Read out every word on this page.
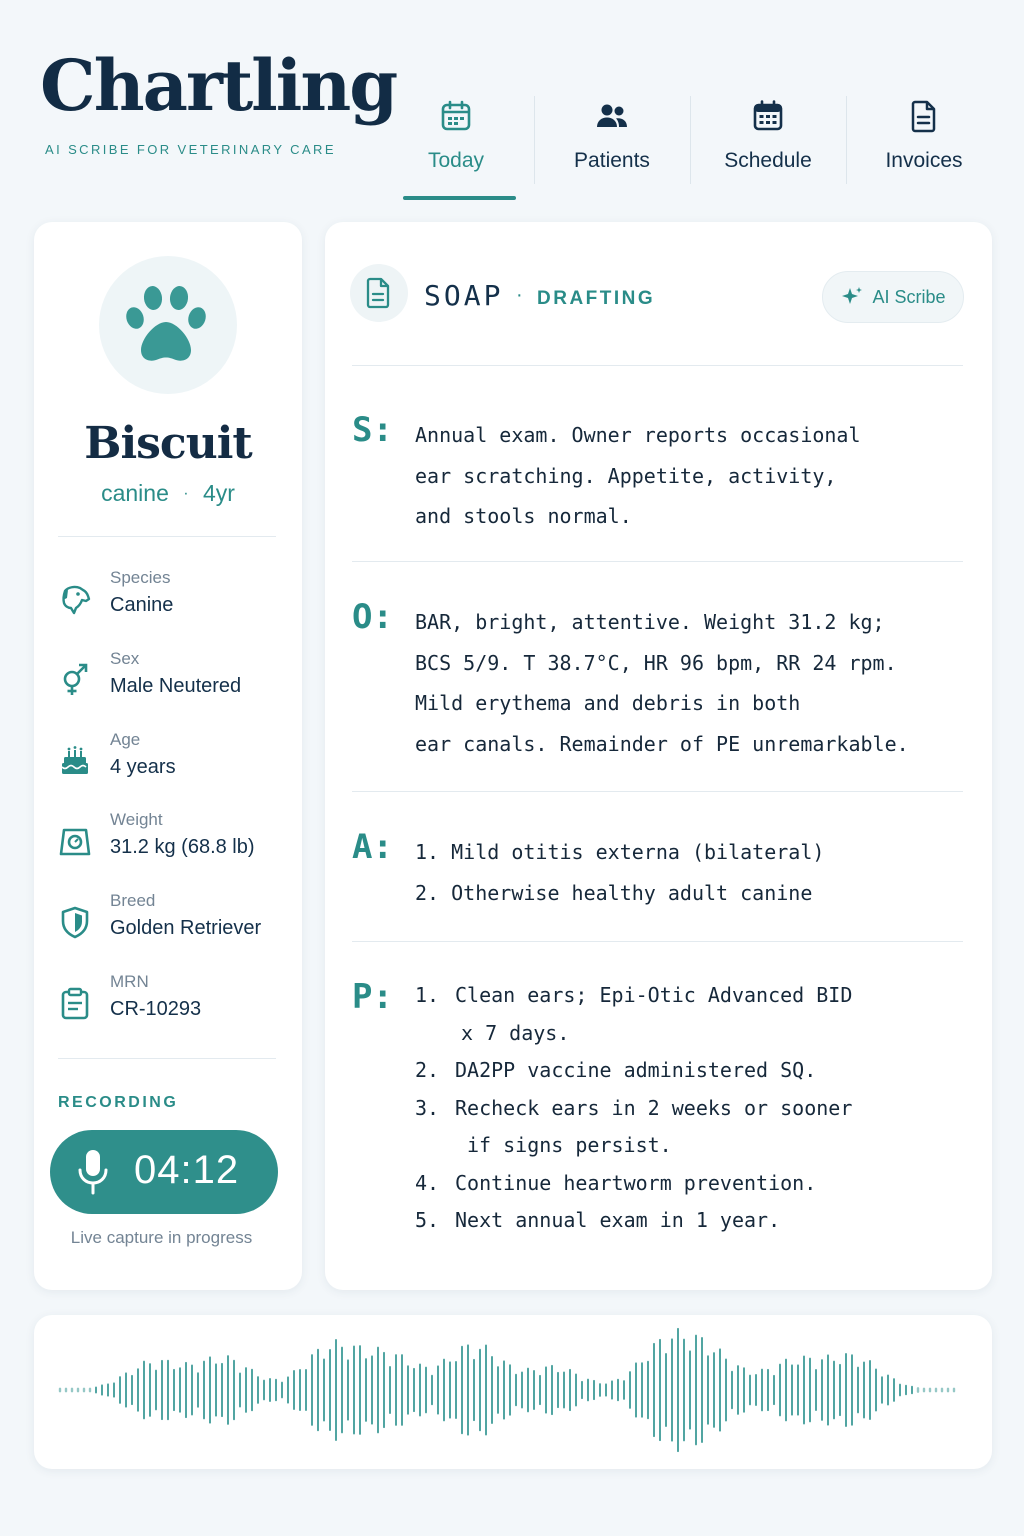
Chartling
AI SCRIBE FOR VETERINARY CARE	Today	Patients	Schedule	Invoices
Biscuit
canine · 4yr
Species
Canine
Sex
Male Neutered
Age
4 years
Weight
31.2 kg (68.8 lb)
Breed
Golden Retriever
MRN
CR-10293
RECORDING
04:12
Live capture in progress
SOAP · DRAFTING	AI Scribe
S: Annual exam. Owner reports occasional
ear scratching. Appetite, activity,
and stools normal.
O: BAR, bright, attentive. Weight 31.2 kg;
BCS 5/9. T 38.7°C, HR 96 bpm, RR 24 rpm.
Mild erythema and debris in both
ear canals. Remainder of PE unremarkable.
A: 1. Mild otitis externa (bilateral)
2. Otherwise healthy adult canine
P: 1. Clean ears; Epi-Otic Advanced BID
x 7 days.
2. DA2PP vaccine administered SQ.
3. Recheck ears in 2 weeks or sooner
if signs persist.
4. Continue heartworm prevention.
5. Next annual exam in 1 year.
